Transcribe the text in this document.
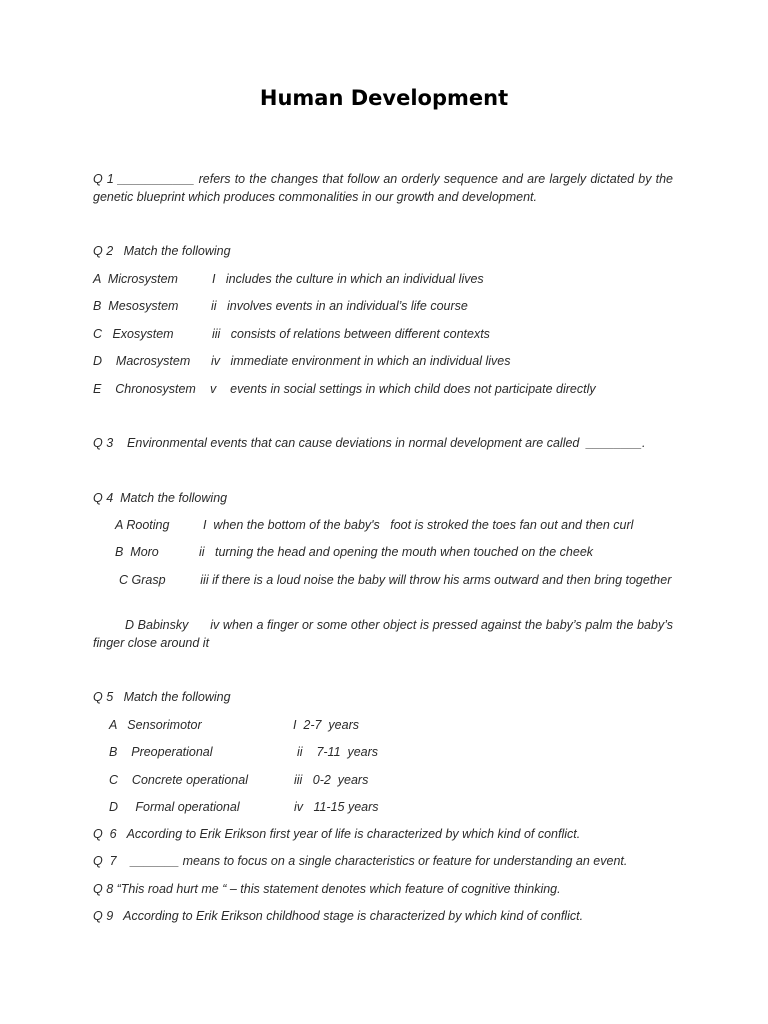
Human Development
Q 1 ___________ refers to the changes that follow an orderly sequence and are largely dictated by the genetic blueprint which produces commonalities in our growth and development.
Q 2   Match the following
A  Microsystem	I   includes the culture in which an individual lives
B  Mesosystem	ii   involves events in an individual’s life course
C   Exosystem	iii   consists of relations between different contexts
D    Macrosystem iv   immediate environment in which an individual lives
E    Chronosystem v    events in social settings in which child does not participate directly
Q 3    Environmental events that can cause deviations in normal development are called  ________.
Q 4  Match the following
A Rooting	I  when the bottom of the baby's   foot is stroked the toes fan out and then curl
B  Moro	ii   turning the head and opening the mouth when touched on the cheek
C Grasp	iii if there is a loud noise the baby will throw his arms outward and then bring together
D Babinsky iv when a finger or some other object is pressed against the baby’s palm the baby’s finger close around it
Q 5   Match the following
A   Sensorimotor	I  2-7  years
B    Preoperational	ii    7-11  years
C    Concrete operational	iii   0-2  years
D     Formal operational	iv   11-15 years
Q  6   According to Erik Erikson first year of life is characterized by which kind of conflict.
Q  7    _______ means to focus on a single characteristics or feature for understanding an event.
Q 8 “This road hurt me “ – this statement denotes which feature of cognitive thinking.
Q 9   According to Erik Erikson childhood stage is characterized by which kind of conflict.
